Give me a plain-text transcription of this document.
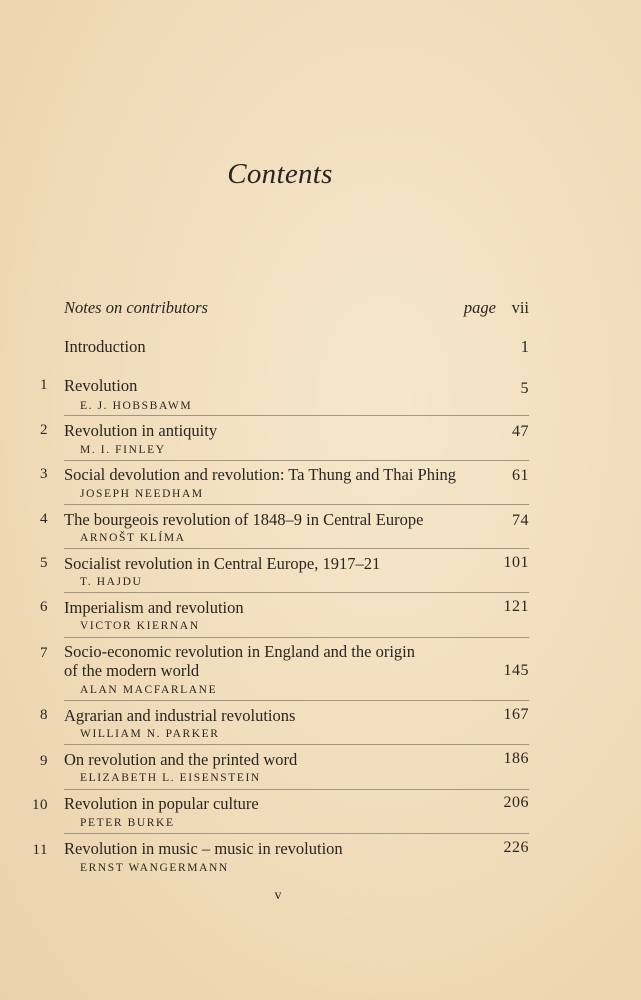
Contents
Notes on contributors	page vii
Introduction	1
1 Revolution	5
E. J. HOBSBAWM
2 Revolution in antiquity	47
M. I. FINLEY
3 Social devolution and revolution: Ta Thung and Thai Phing	61
JOSEPH NEEDHAM
4 The bourgeois revolution of 1848–9 in Central Europe	74
ARNOŠT KLÍMA
5 Socialist revolution in Central Europe, 1917–21	101
T. HAJDU
6 Imperialism and revolution	121
VICTOR KIERNAN
7 Socio-economic revolution in England and the origin
of the modern world	145
ALAN MACFARLANE
8 Agrarian and industrial revolutions	167
WILLIAM N. PARKER
9 On revolution and the printed word	186
ELIZABETH L. EISENSTEIN
10 Revolution in popular culture	206
PETER BURKE
11 Revolution in music – music in revolution	226
ERNST WANGERMANN
v
